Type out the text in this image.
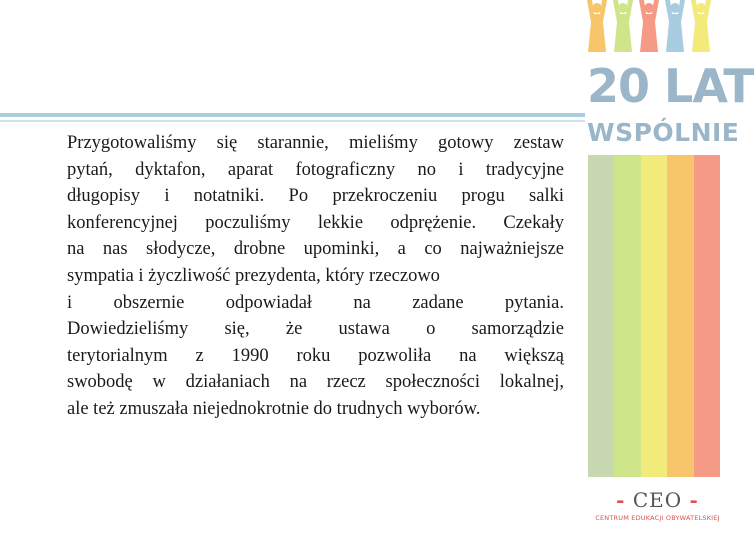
Przygotowaliśmy się starannie, mieliśmy gotowy zestaw

pytań, dyktafon, aparat fotograficzny no i tradycyjne

długopisy i notatniki. Po przekroczeniu progu salki

konferencyjnej poczuliśmy lekkie odprężenie. Czekały

na nas słodycze, drobne upominki, a co najważniejsze

sympatia i życzliwość prezydenta, który rzeczowo

i obszernie odpowiadał na zadane pytania.

Dowiedzieliśmy się, że ustawa o samorządzie

terytorialnym z 1990 roku pozwoliła na większą

swobodę w działaniach na rzecz społeczności lokalnej,

ale też zmuszała niejednokrotnie do trudnych wyborów.

20 LAT
WSPÓLNIE
- CEO -
CENTRUM EDUKACJI OBYWATELSKIEJ
